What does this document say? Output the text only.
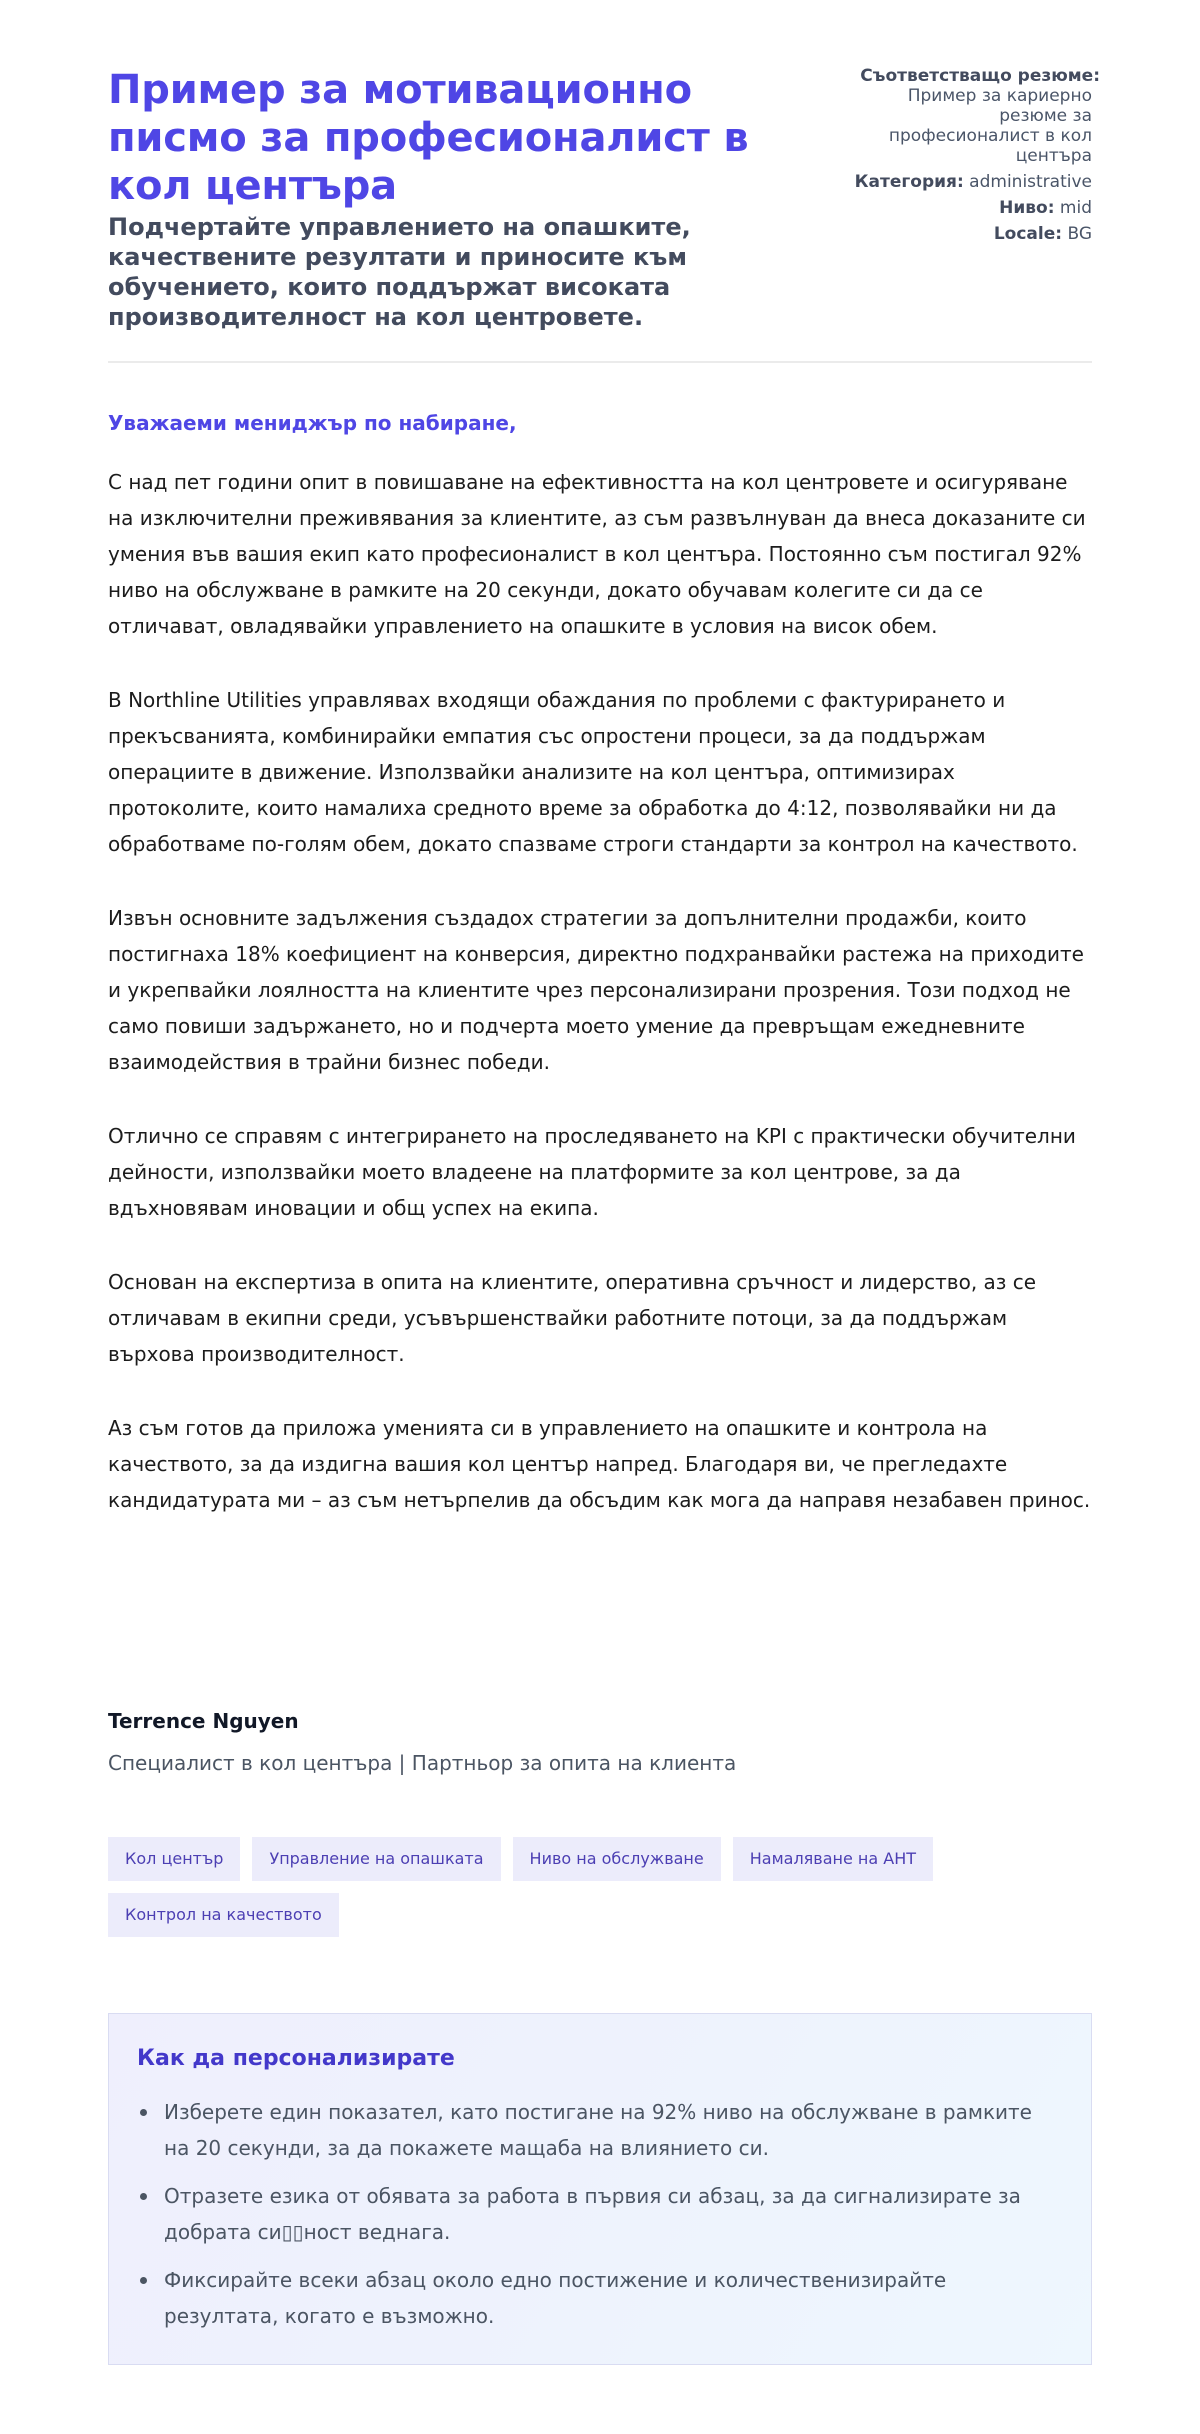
Пример за мотивационно писмо за професионалист в кол центъра
Подчертайте управлението на опашките, качествените резултати и приносите към обучението, които поддържат високата производителност на кол центровете.
Съответстващо резюме:
Пример за кариерно резюме за професионалист в кол центъра
Категория: administrative
Ниво: mid
Locale: BG

Уважаеми мениджър по набиране,

С над пет години опит в повишаване на ефективността на кол центровете и осигуряване на изключителни преживявания за клиентите, аз съм развълнуван да внеса доказаните си умения във вашия екип като професионалист в кол центъра. Постоянно съм постигал 92% ниво на обслужване в рамките на 20 секунди, докато обучавам колегите си да се отличават, овладявайки управлението на опашките в условия на висок обем.

В Northline Utilities управлявах входящи обаждания по проблеми с фактурирането и прекъсванията, комбинирайки емпатия със опростени процеси, за да поддържам операциите в движение. Използвайки анализите на кол центъра, оптимизирах протоколите, които намалиха средното време за обработка до 4:12, позволявайки ни да обработваме по-голям обем, докато спазваме строги стандарти за контрол на качеството.

Извън основните задължения създадох стратегии за допълнителни продажби, които постигнаха 18% коефициент на конверсия, директно подхранвайки растежа на приходите и укрепвайки лоялността на клиентите чрез персонализирани прозрения. Този подход не само повиши задържането, но и подчерта моето умение да превръщам ежедневните взаимодействия в трайни бизнес победи.

Отлично се справям с интегрирането на проследяването на KPI с практически обучителни дейности, използвайки моето владеене на платформите за кол центрове, за да вдъхновявам иновации и общ успех на екипа.

Основан на експертиза в опита на клиентите, оперативна сръчност и лидерство, аз се отличавам в екипни среди, усъвършенствайки работните потоци, за да поддържам върхова производителност.

Аз съм готов да приложа уменията си в управлението на опашките и контрола на качеството, за да издигна вашия кол център напред. Благодаря ви, че прегледахте кандидатурата ми – аз съм нетърпелив да обсъдим как мога да направя незабавен принос.

Terrence Nguyen
Специалист в кол центъра | Партньор за опита на клиента
Кол център	Управление на опашката	Ниво на обслужване	Намаляване на AHT
Контрол на качеството
Как да персонализирате
Изберете един показател, като постигане на 92% ниво на обслужване в рамките на 20 секунди, за да покажете мащаба на влиянието си.
Отразете езика от обявата за работа в първия си абзац, за да сигнализирате за добрата си▯▯ност веднага.
Фиксирайте всеки абзац около едно постижение и количественизирайте резултата, когато е възможно.
